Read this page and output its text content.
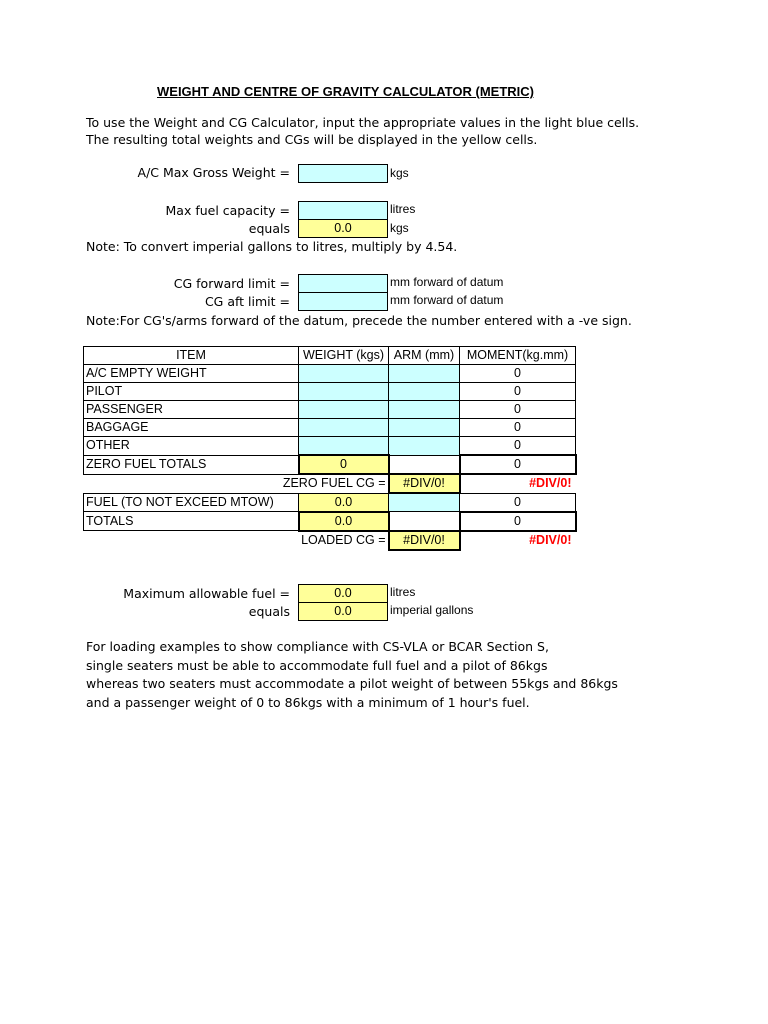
WEIGHT AND CENTRE OF GRAVITY CALCULATOR (METRIC)
To use the Weight and CG Calculator, input the appropriate values in the light blue cells.
The resulting total weights and CGs will be displayed in the yellow cells.
A/C Max Gross Weight =	kgs
Max fuel capacity =	litres
equals	0.0	kgs
Note: To convert imperial gallons to litres, multiply by 4.54.
CG forward limit =	mm forward of datum
CG aft limit =	mm forward of datum
Note:For CG's/arms forward of the datum, precede the number entered with a -ve sign.
ITEM	WEIGHT (kgs)	ARM (mm)	MOMENT(kg.mm)
A/C EMPTY WEIGHT			0
PILOT			0
PASSENGER			0
BAGGAGE			0
OTHER			0
ZERO FUEL TOTALS	0		0
ZERO FUEL CG =		#DIV/0!	#DIV/0!
FUEL (TO NOT EXCEED MTOW)	0.0		0
TOTALS	0.0		0
LOADED CG =		#DIV/0!	#DIV/0!
Maximum allowable fuel =	0.0	litres
equals	0.0	imperial gallons
For loading examples to show compliance with CS-VLA or BCAR Section S,
single seaters must be able to accommodate full fuel and a pilot of 86kgs
whereas two seaters must accommodate a pilot weight of between 55kgs and 86kgs
and a passenger weight of 0 to 86kgs with a minimum of 1 hour's fuel.
